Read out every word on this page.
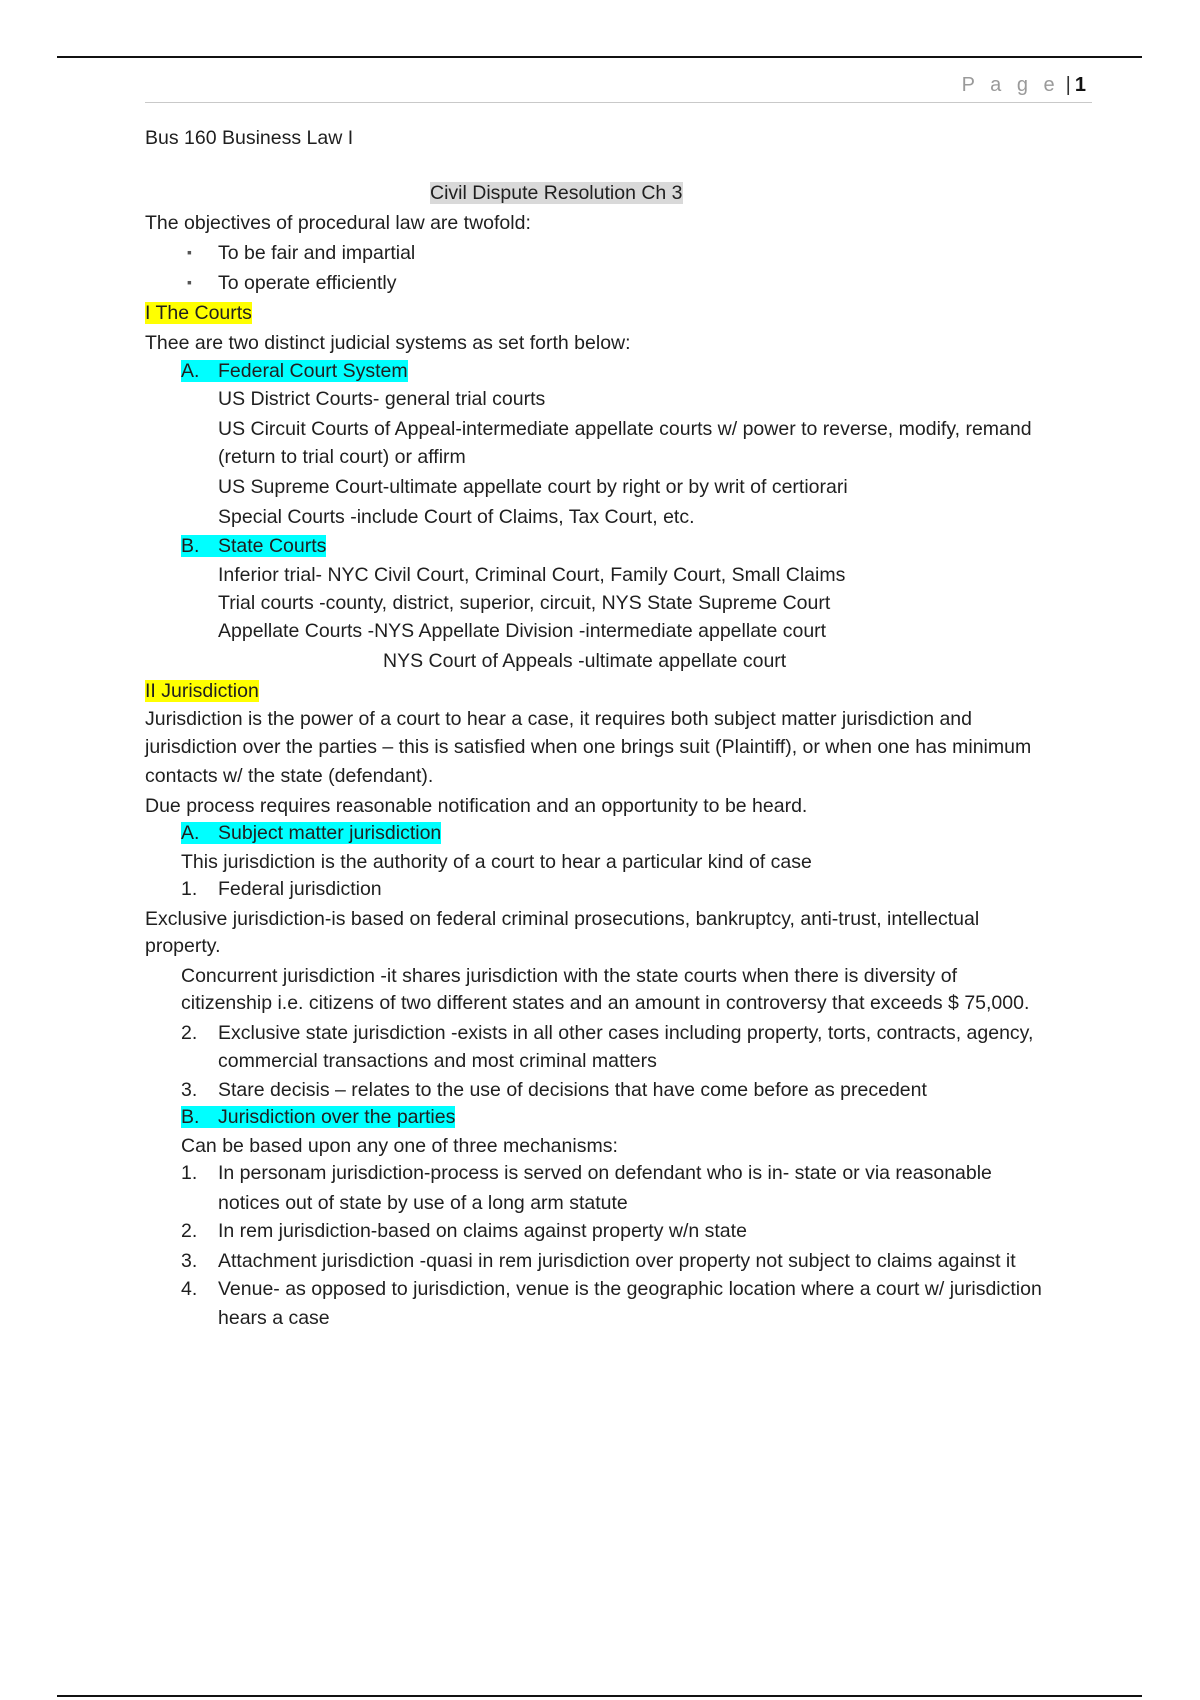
P a g e | 1
Bus 160 Business Law I
Civil Dispute Resolution Ch 3
The objectives of procedural law are twofold:
▪ To be fair and impartial
▪ To operate efficiently
I The Courts
Thee are two distinct judicial systems as set forth below:
A. Federal Court System
US District Courts- general trial courts
US Circuit Courts of Appeal-intermediate appellate courts w/ power to reverse, modify, remand
(return to trial court) or affirm
US Supreme Court-ultimate appellate court by right or by writ of certiorari
Special Courts -include Court of Claims, Tax Court, etc.
B. State Courts
Inferior trial- NYC Civil Court, Criminal Court, Family Court, Small Claims
Trial courts -county, district, superior, circuit, NYS State Supreme Court
Appellate Courts -NYS Appellate Division -intermediate appellate court
NYS Court of Appeals -ultimate appellate court
II Jurisdiction
Jurisdiction is the power of a court to hear a case, it requires both subject matter jurisdiction and
jurisdiction over the parties – this is satisfied when one brings suit (Plaintiff), or when one has minimum
contacts w/ the state (defendant).
Due process requires reasonable notification and an opportunity to be heard.
A. Subject matter jurisdiction
This jurisdiction is the authority of a court to hear a particular kind of case
1. Federal jurisdiction
Exclusive jurisdiction-is based on federal criminal prosecutions, bankruptcy, anti-trust, intellectual
property.
Concurrent jurisdiction -it shares jurisdiction with the state courts when there is diversity of
citizenship i.e. citizens of two different states and an amount in controversy that exceeds $ 75,000.
2. Exclusive state jurisdiction -exists in all other cases including property, torts, contracts, agency,
commercial transactions and most criminal matters
3. Stare decisis – relates to the use of decisions that have come before as precedent
B. Jurisdiction over the parties
Can be based upon any one of three mechanisms:
1. In personam jurisdiction-process is served on defendant who is in- state or via reasonable
notices out of state by use of a long arm statute
2. In rem jurisdiction-based on claims against property w/n state
3. Attachment jurisdiction -quasi in rem jurisdiction over property not subject to claims against it
4. Venue- as opposed to jurisdiction, venue is the geographic location where a court w/ jurisdiction
hears a case
